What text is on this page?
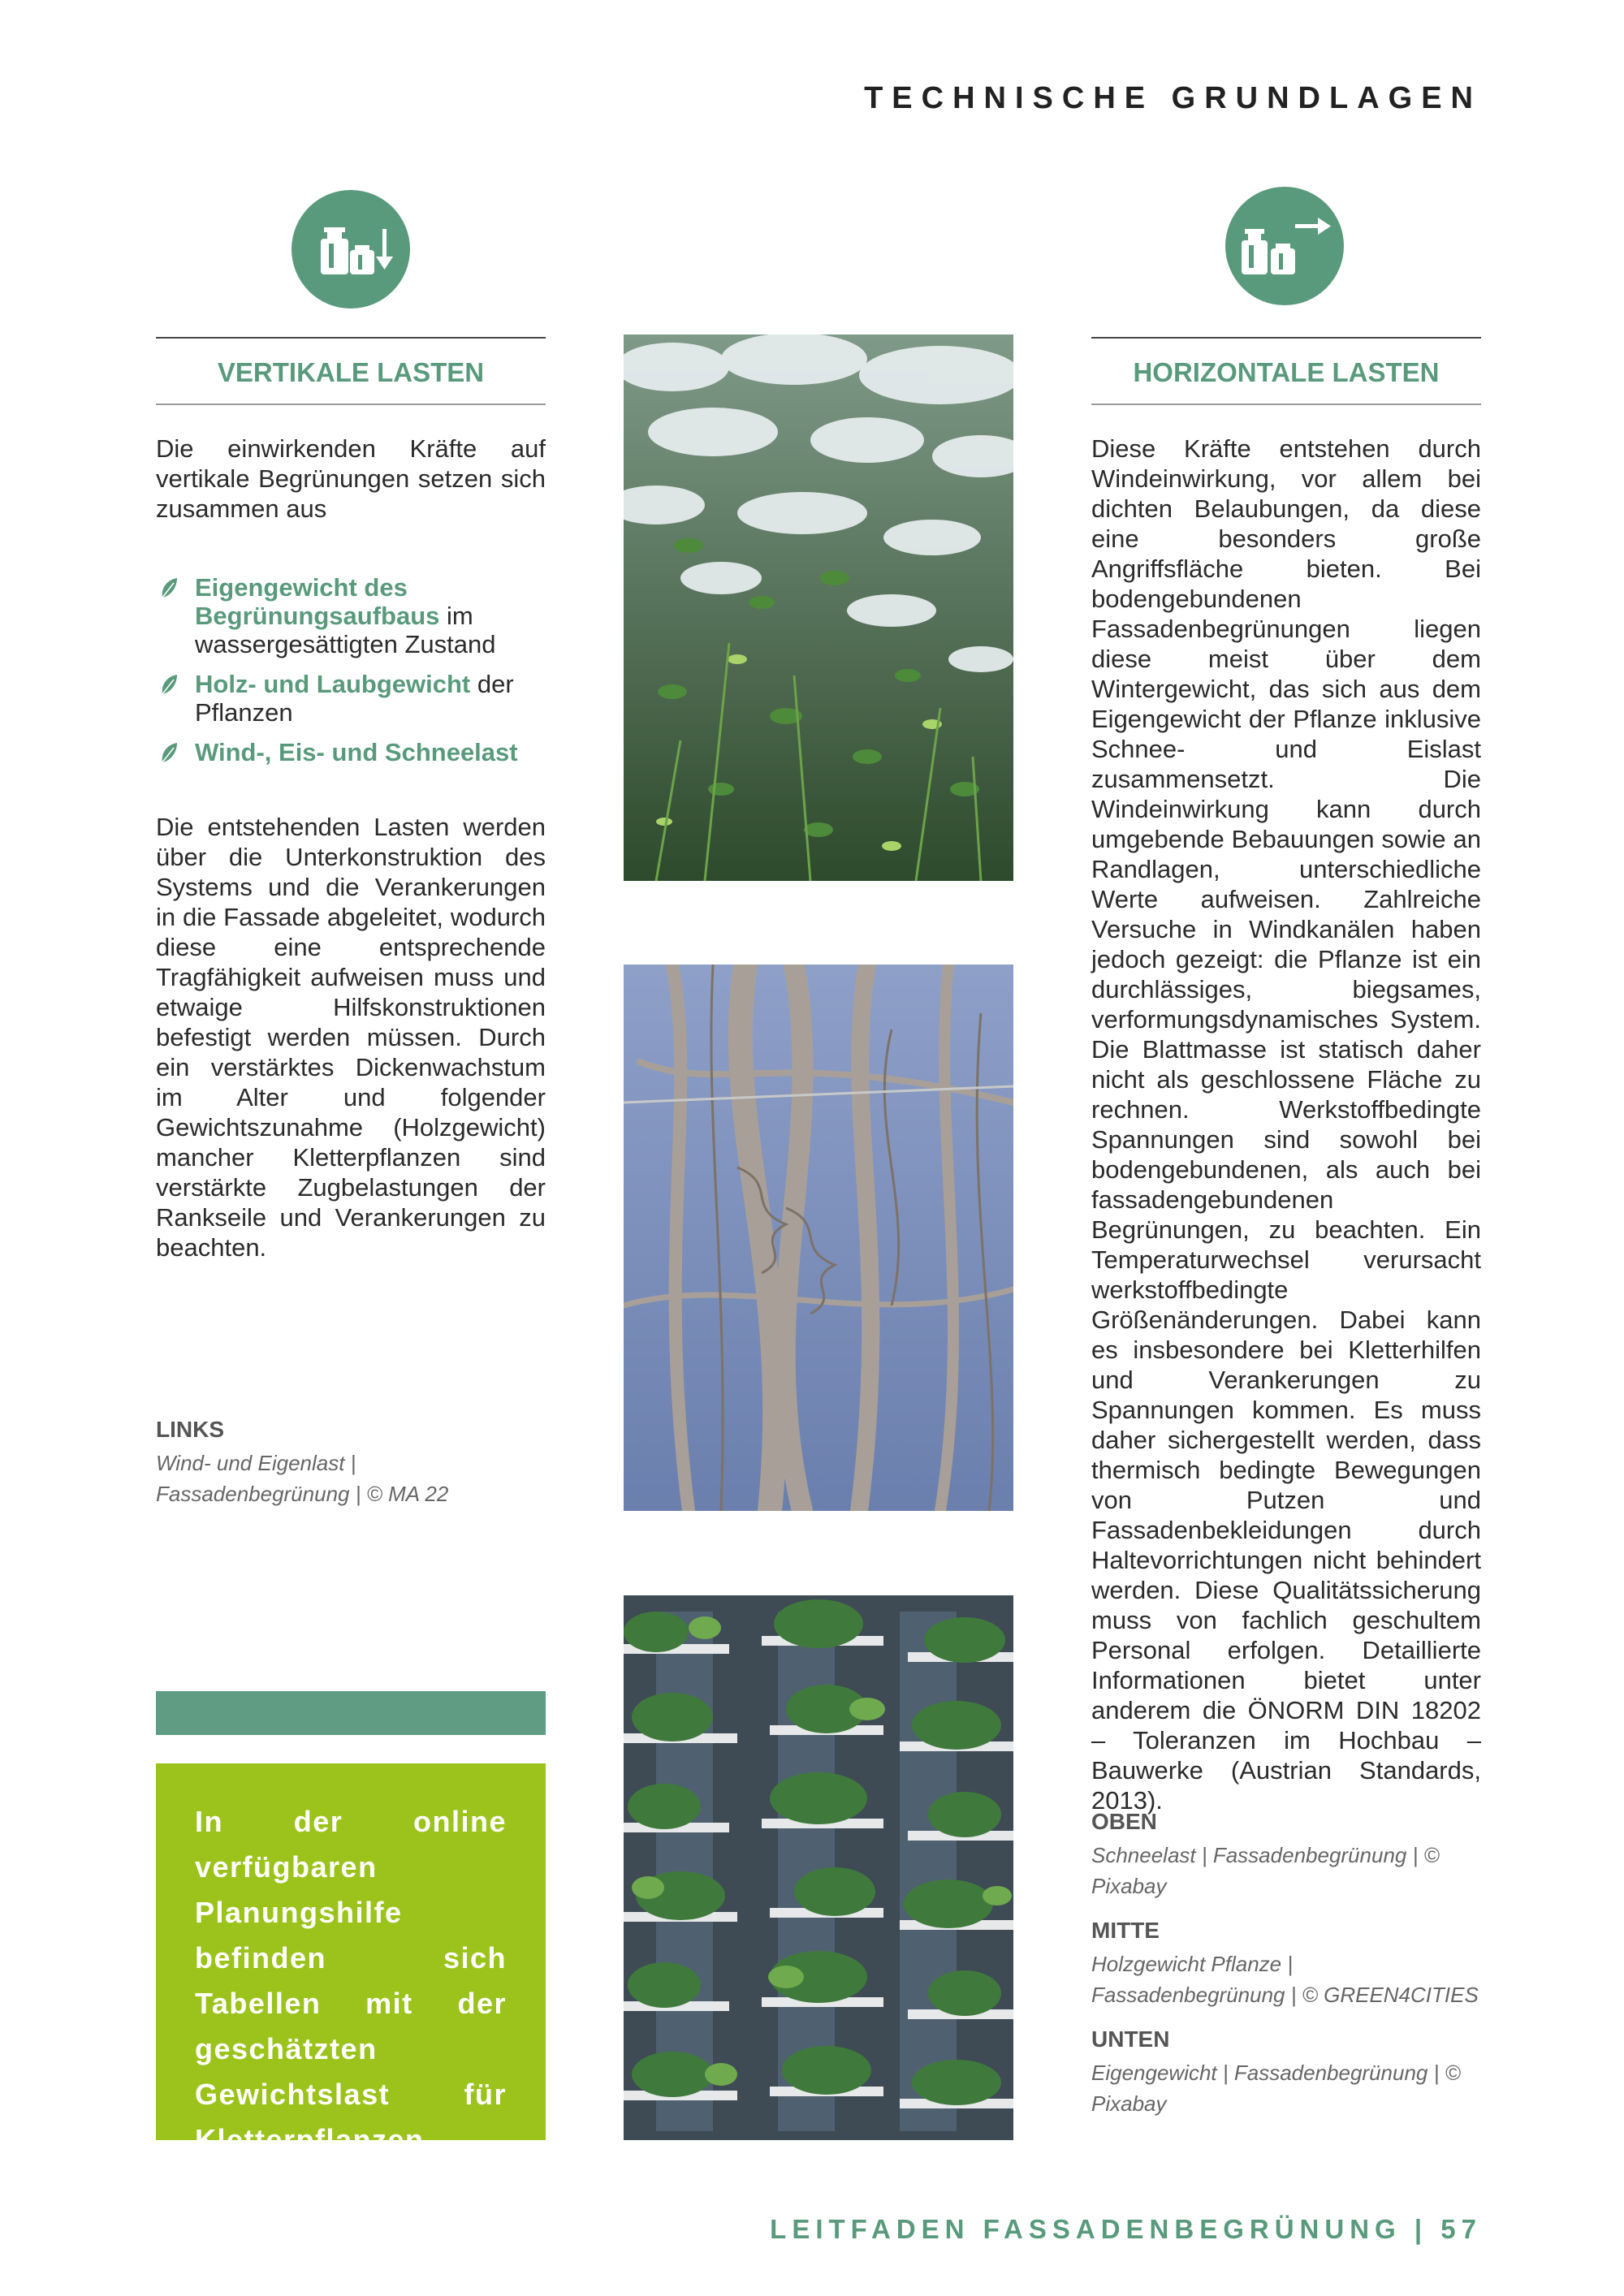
TECHNISCHE GRUNDLAGEN
VERTIKALE LASTEN
Die einwirkenden Kräfte auf vertikale Begrünungen setzen sich zusammen aus
Eigengewicht des Begrünungsaufbaus im wassergesättigten Zustand
Holz- und Laubgewicht der Pflanzen
Wind-, Eis- und Schneelast
Die entstehenden Lasten werden über die Unterkonstruktion des Systems und die Verankerungen in die Fassade abgeleitet, wodurch diese eine entsprechende Tragfähigkeit aufweisen muss und etwaige Hilfskonstruktionen befestigt werden müssen. Durch ein verstärktes Dickenwachstum im Alter und folgender Gewichtszunahme (Holzgewicht) mancher Kletterpflanzen sind verstärkte Zugbelastungen der Rankseile und Verankerungen zu beachten.
LINKS
Wind- und Eigenlast | Fassadenbegrünung | © MA 22

In der online verfügbaren Planungshilfe befinden sich Tabellen mit der geschätzten Gewichtslast für Kletterpflanzen nach FLL.

HORIZONTALE LASTEN
Diese Kräfte entstehen durch Windeinwirkung, vor allem bei dichten Belaubungen, da diese eine besonders große Angriffsfläche bieten. Bei bodengebundenen Fassadenbegrünungen liegen diese meist über dem Wintergewicht, das sich aus dem Eigengewicht der Pflanze inklusive Schnee- und Eislast zusammensetzt. Die Windeinwirkung kann durch umgebende Bebauungen sowie an Randlagen, unterschiedliche Werte aufweisen. Zahlreiche Versuche in Windkanälen haben jedoch gezeigt: die Pflanze ist ein durchlässiges, biegsames, verformungsdynamisches System. Die Blattmasse ist statisch daher nicht als geschlossene Fläche zu rechnen. Werkstoffbedingte Spannungen sind sowohl bei bodengebundenen, als auch bei fassadengebundenen Begrünungen, zu beachten. Ein Temperaturwechsel verursacht werkstoffbedingte Größenänderungen. Dabei kann es insbesondere bei Kletterhilfen und Verankerungen zu Spannungen kommen. Es muss daher sichergestellt werden, dass thermisch bedingte Bewegungen von Putzen und Fassadenbekleidungen durch Haltevorrichtungen nicht behindert werden. Diese Qualitätssicherung muss von fachlich geschultem Personal erfolgen. Detaillierte Informationen bietet unter anderem die ÖNORM DIN 18202 – Toleranzen im Hochbau – Bauwerke (Austrian Standards, 2013).
OBEN
Schneelast | Fassadenbegrünung | © Pixabay
MITTE
Holzgewicht Pflanze | Fassadenbegrünung | © GREEN4CITIES
UNTEN
Eigengewicht | Fassadenbegrünung | © Pixabay
LEITFADEN FASSADENBEGRÜNUNG | 57
